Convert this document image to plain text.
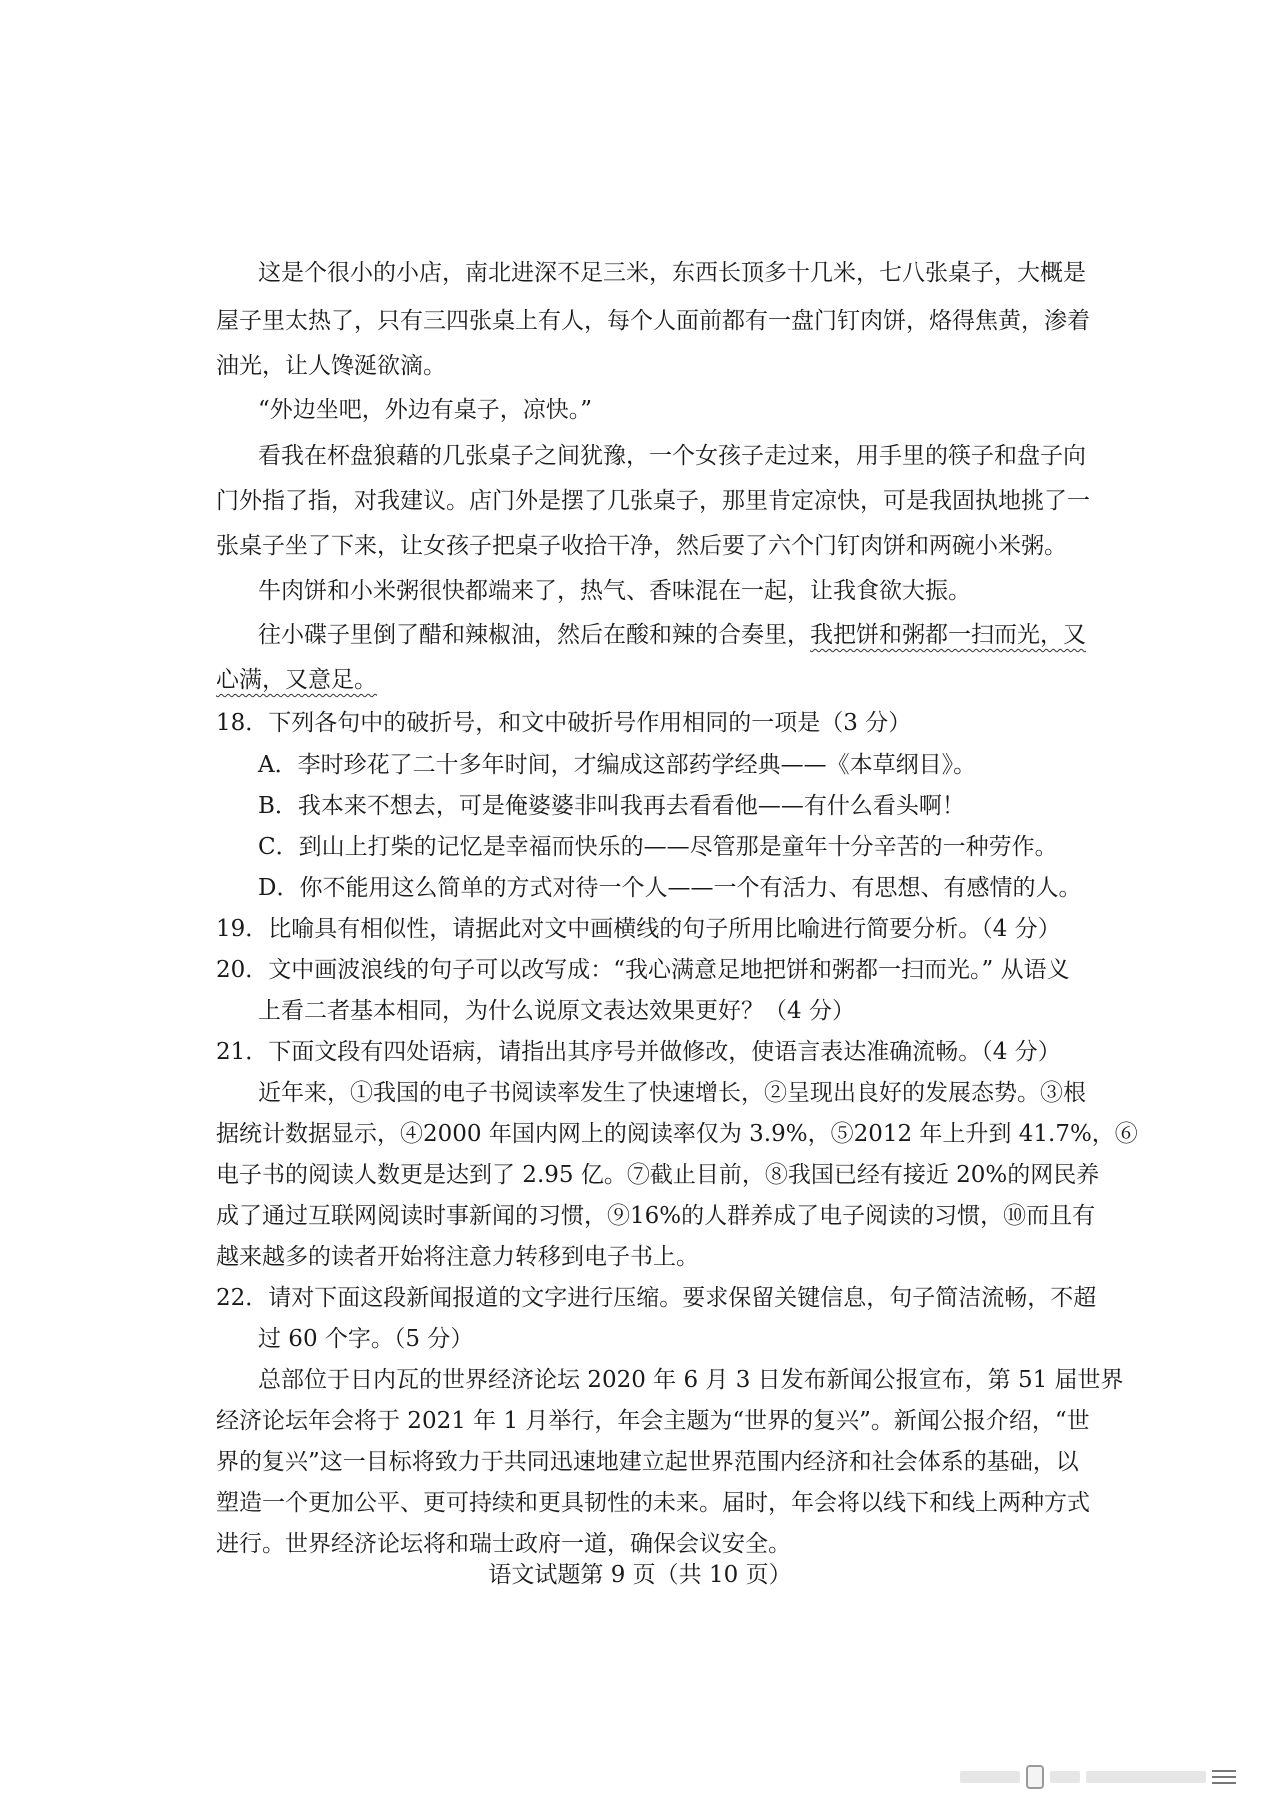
这是个很小的小店，南北进深不足三米，东西长顶多十几米，七八张桌子，大概是
屋子里太热了，只有三四张桌上有人，每个人面前都有一盘门钉肉饼，烙得焦黄，渗着
油光，让人馋涎欲滴。
“外边坐吧，外边有桌子，凉快。”
看我在杯盘狼藉的几张桌子之间犹豫，一个女孩子走过来，用手里的筷子和盘子向
门外指了指，对我建议。店门外是摆了几张桌子，那里肯定凉快，可是我固执地挑了一
张桌子坐了下来，让女孩子把桌子收拾干净，然后要了六个门钉肉饼和两碗小米粥。
牛肉饼和小米粥很快都端来了，热气、香味混在一起，让我食欲大振。
往小碟子里倒了醋和辣椒油，然后在酸和辣的合奏里，我把饼和粥都一扫而光，又
心满，又意足。
18．下列各句中的破折号，和文中破折号作用相同的一项是（3 分）
A．李时珍花了二十多年时间，才编成这部药学经典——《本草纲目》。
B．我本来不想去，可是俺婆婆非叫我再去看看他——有什么看头啊！
C．到山上打柴的记忆是幸福而快乐的——尽管那是童年十分辛苦的一种劳作。
D．你不能用这么简单的方式对待一个人——一个有活力、有思想、有感情的人。
19．比喻具有相似性，请据此对文中画横线的句子所用比喻进行简要分析。（4 分）
20．文中画波浪线的句子可以改写成：“我心满意足地把饼和粥都一扫而光。” 从语义
上看二者基本相同，为什么说原文表达效果更好？（4 分）
21．下面文段有四处语病，请指出其序号并做修改，使语言表达准确流畅。（4 分）
近年来，①我国的电子书阅读率发生了快速增长，②呈现出良好的发展态势。③根
据统计数据显示，④2000 年国内网上的阅读率仅为 3.9%，⑤2012 年上升到 41.7%，⑥
电子书的阅读人数更是达到了 2.95 亿。⑦截止目前，⑧我国已经有接近 20%的网民养
成了通过互联网阅读时事新闻的习惯，⑨16%的人群养成了电子阅读的习惯，⑩而且有
越来越多的读者开始将注意力转移到电子书上。
22．请对下面这段新闻报道的文字进行压缩。要求保留关键信息，句子简洁流畅，不超
过 60 个字。（5 分）
总部位于日内瓦的世界经济论坛 2020 年 6 月 3 日发布新闻公报宣布，第 51 届世界
经济论坛年会将于 2021 年 1 月举行，年会主题为“世界的复兴”。新闻公报介绍，“世
界的复兴”这一目标将致力于共同迅速地建立起世界范围内经济和社会体系的基础，以
塑造一个更加公平、更可持续和更具韧性的未来。届时，年会将以线下和线上两种方式
进行。世界经济论坛将和瑞士政府一道，确保会议安全。
语文试题第 9 页（共 10 页）
